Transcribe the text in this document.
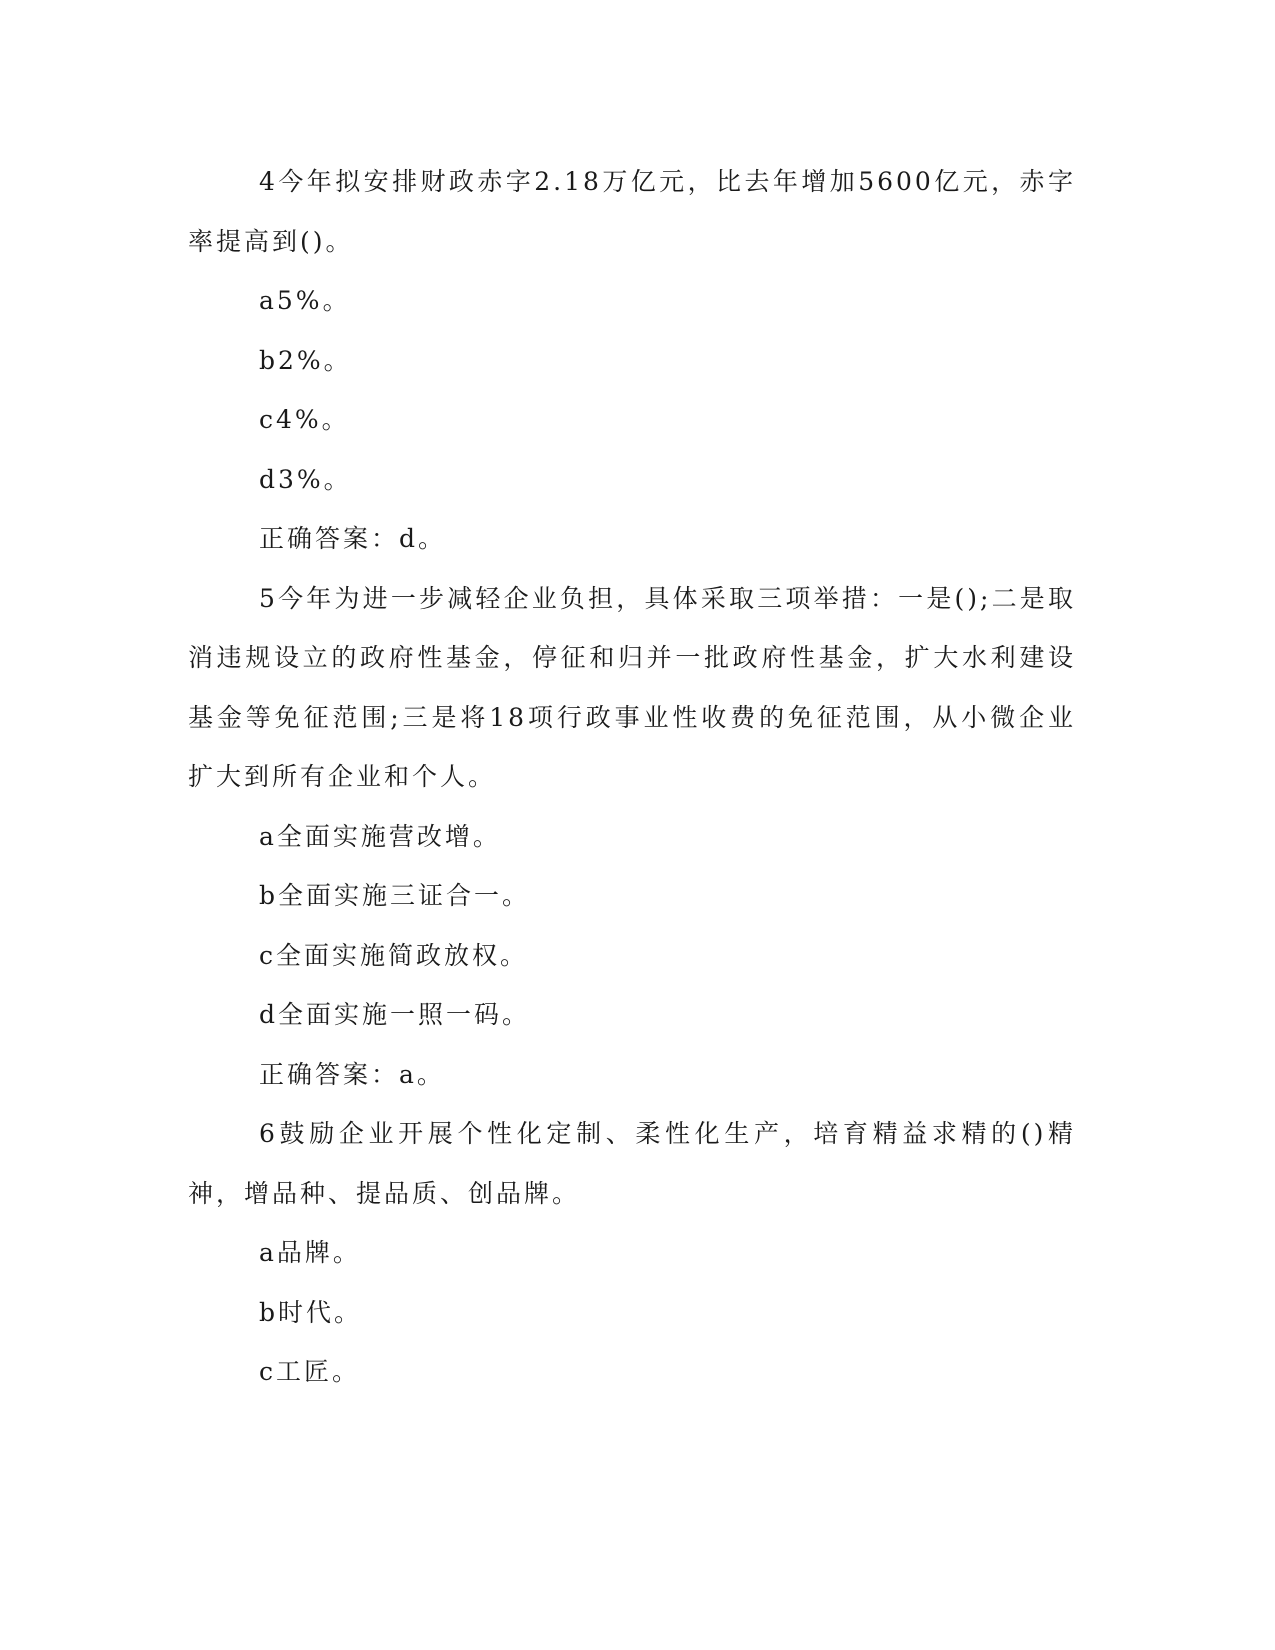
4今年拟安排财政赤字2.18万亿元，比去年增加5600亿元，赤字率提高到()。

a5%。

b2%。

c4%。

d3%。

正确答案：d。

5今年为进一步减轻企业负担，具体采取三项举措：一是();二是取消违规设立的政府性基金，停征和归并一批政府性基金，扩大水利建设基金等免征范围;三是将18项行政事业性收费的免征范围，从小微企业扩大到所有企业和个人。

a全面实施营改增。

b全面实施三证合一。

c全面实施简政放权。

d全面实施一照一码。

正确答案：a。

6鼓励企业开展个性化定制、柔性化生产，培育精益求精的()精神，增品种、提品质、创品牌。

a品牌。

b时代。

c工匠。
